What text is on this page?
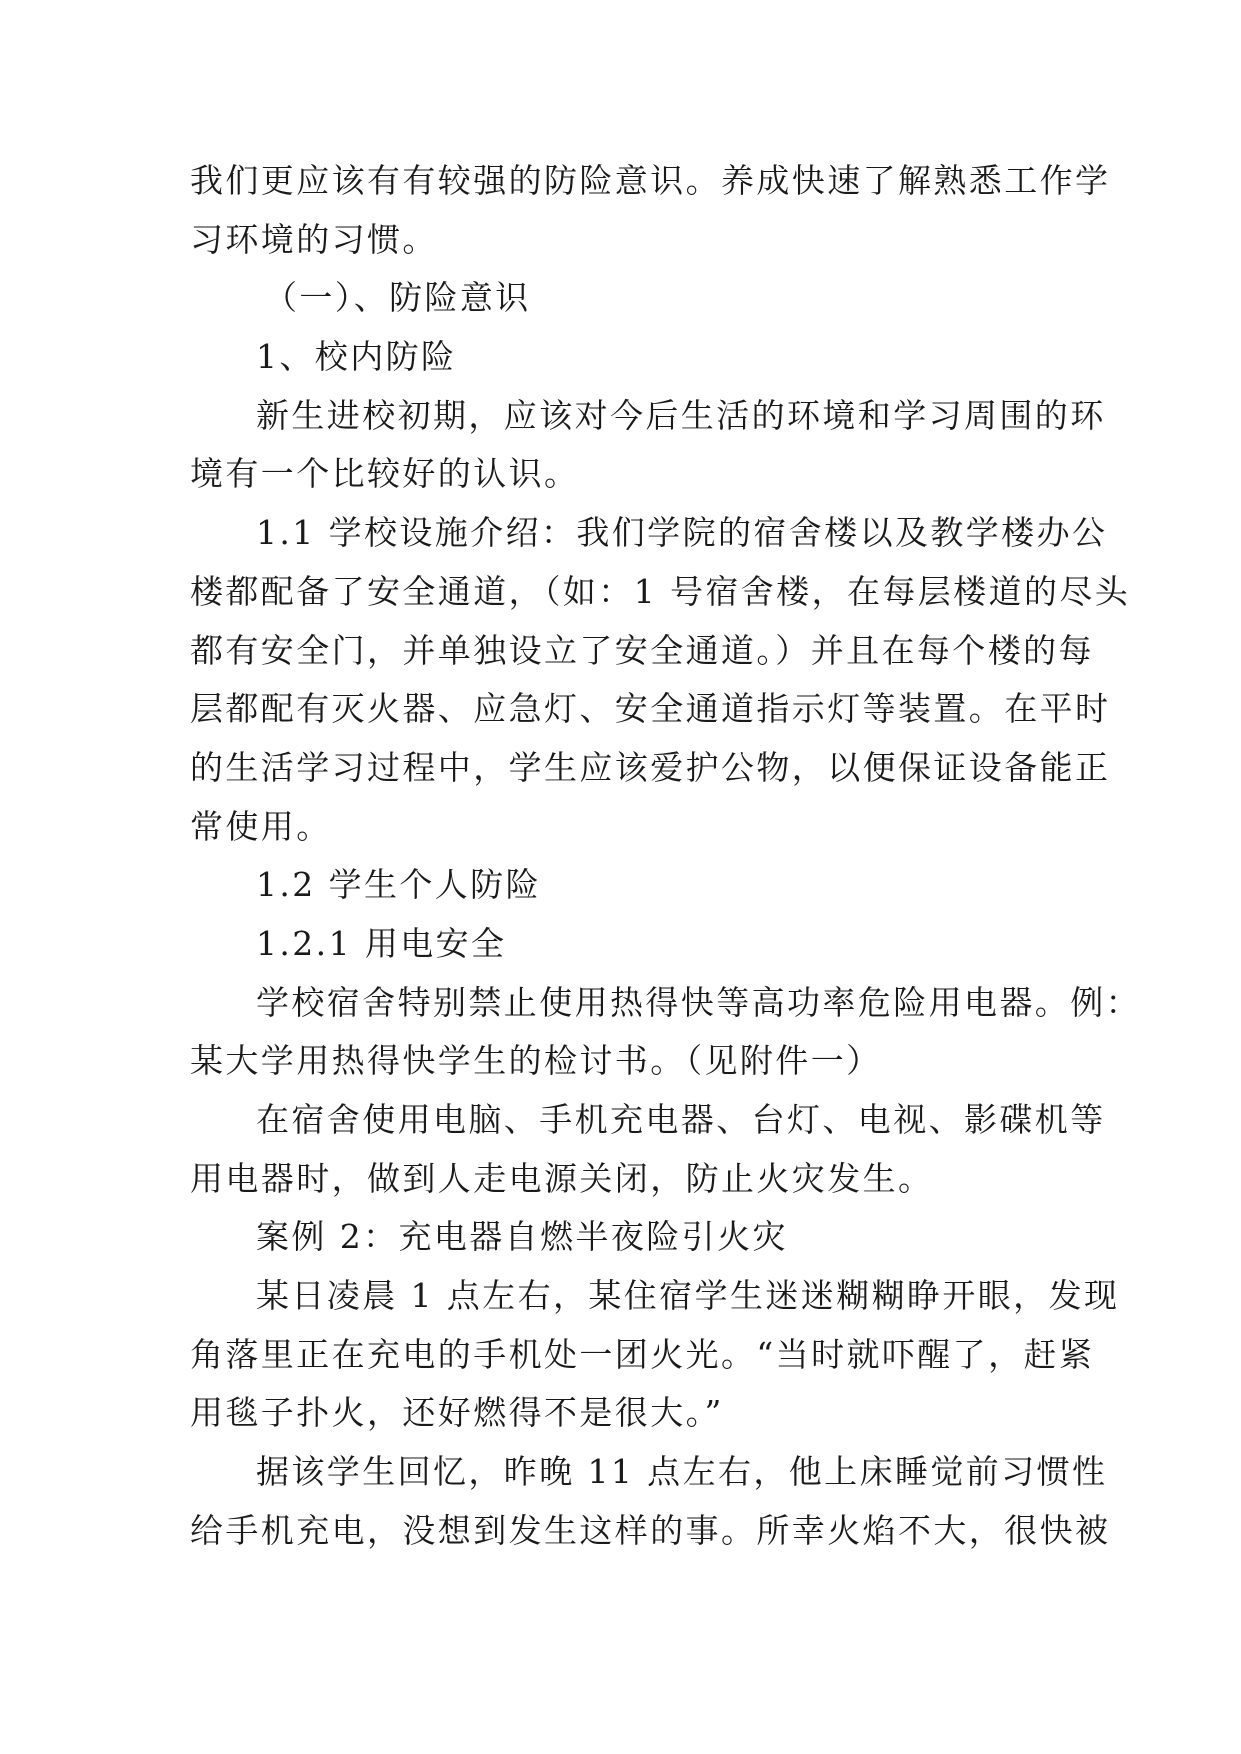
我们更应该有有较强的防险意识。养成快速了解熟悉工作学
习环境的习惯。
（一）、防险意识
1、校内防险
新生进校初期，应该对今后生活的环境和学习周围的环
境有一个比较好的认识。
1.1 学校设施介绍：我们学院的宿舍楼以及教学楼办公
楼都配备了安全通道，（如：1 号宿舍楼，在每层楼道的尽头
都有安全门，并单独设立了安全通道。）并且在每个楼的每
层都配有灭火器、应急灯、安全通道指示灯等装置。在平时
的生活学习过程中，学生应该爱护公物，以便保证设备能正
常使用。
1.2 学生个人防险
1.2.1 用电安全
学校宿舍特别禁止使用热得快等高功率危险用电器。例：
某大学用热得快学生的检讨书。（见附件一）
在宿舍使用电脑、手机充电器、台灯、电视、影碟机等
用电器时，做到人走电源关闭，防止火灾发生。
案例 2：充电器自燃半夜险引火灾
某日凌晨 1 点左右，某住宿学生迷迷糊糊睁开眼，发现
角落里正在充电的手机处一团火光。“当时就吓醒了，赶紧
用毯子扑火，还好燃得不是很大。”
据该学生回忆，昨晚 11 点左右，他上床睡觉前习惯性
给手机充电，没想到发生这样的事。所幸火焰不大，很快被
